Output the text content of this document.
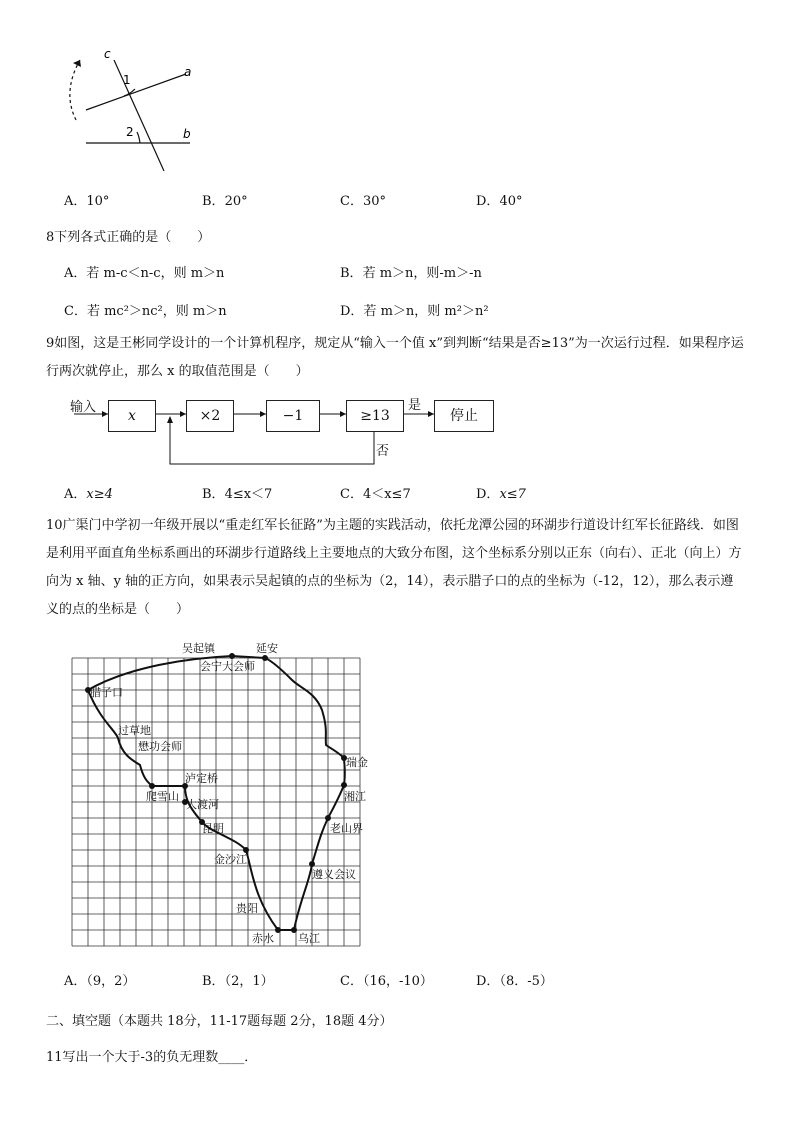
c
a
b
1
2
A．10°	B．20°	C．30°	D．40°
8下列各式正确的是（　　）
A．若 m-c＜n-c，则 m＞n	B．若 m＞n，则-m＞-n
C．若 mc²＞nc²，则 m＞n	D．若 m＞n，则 m²＞n²
9如图，这是王彬同学设计的一个计算机程序，规定从“输入一个值 x”到判断“结果是否≥13”为一次运行过程．如果程序运行两次就停止，那么 x 的取值范围是（　　）
输入
x	×2	−1	≥13
是
停止
否
A．x≥4	B．4≤x＜7	C．4＜x≤7	D．x≤7
10广渠门中学初一年级开展以“重走红军长征路”为主题的实践活动，依托龙潭公园的环湖步行道设计红军长征路线．如图是利用平面直角坐标系画出的环湖步行道路线上主要地点的大致分布图，这个坐标系分别以正东（向右）、正北（向上）方向为 x 轴、y 轴的正方向，如果表示吴起镇的点的坐标为（2，14），表示腊子口的点的坐标为（-12，12），那么表示遵义的点的坐标是（　　）
吴起镇	延安
会宁大会师
腊子口
过草地
懋功会师
泸定桥
爬雪山
大渡河
昆明
金沙江
贵阳
赤水 乌江
遵义会议
老山界
湘江
瑞金
A．（9，2）	B．（2，1）	C．（16，-10）	D．（8．-5）
二、填空题（本题共 18分，11-17题每题 2分，18题 4分）
11写出一个大于-3的负无理数____．
